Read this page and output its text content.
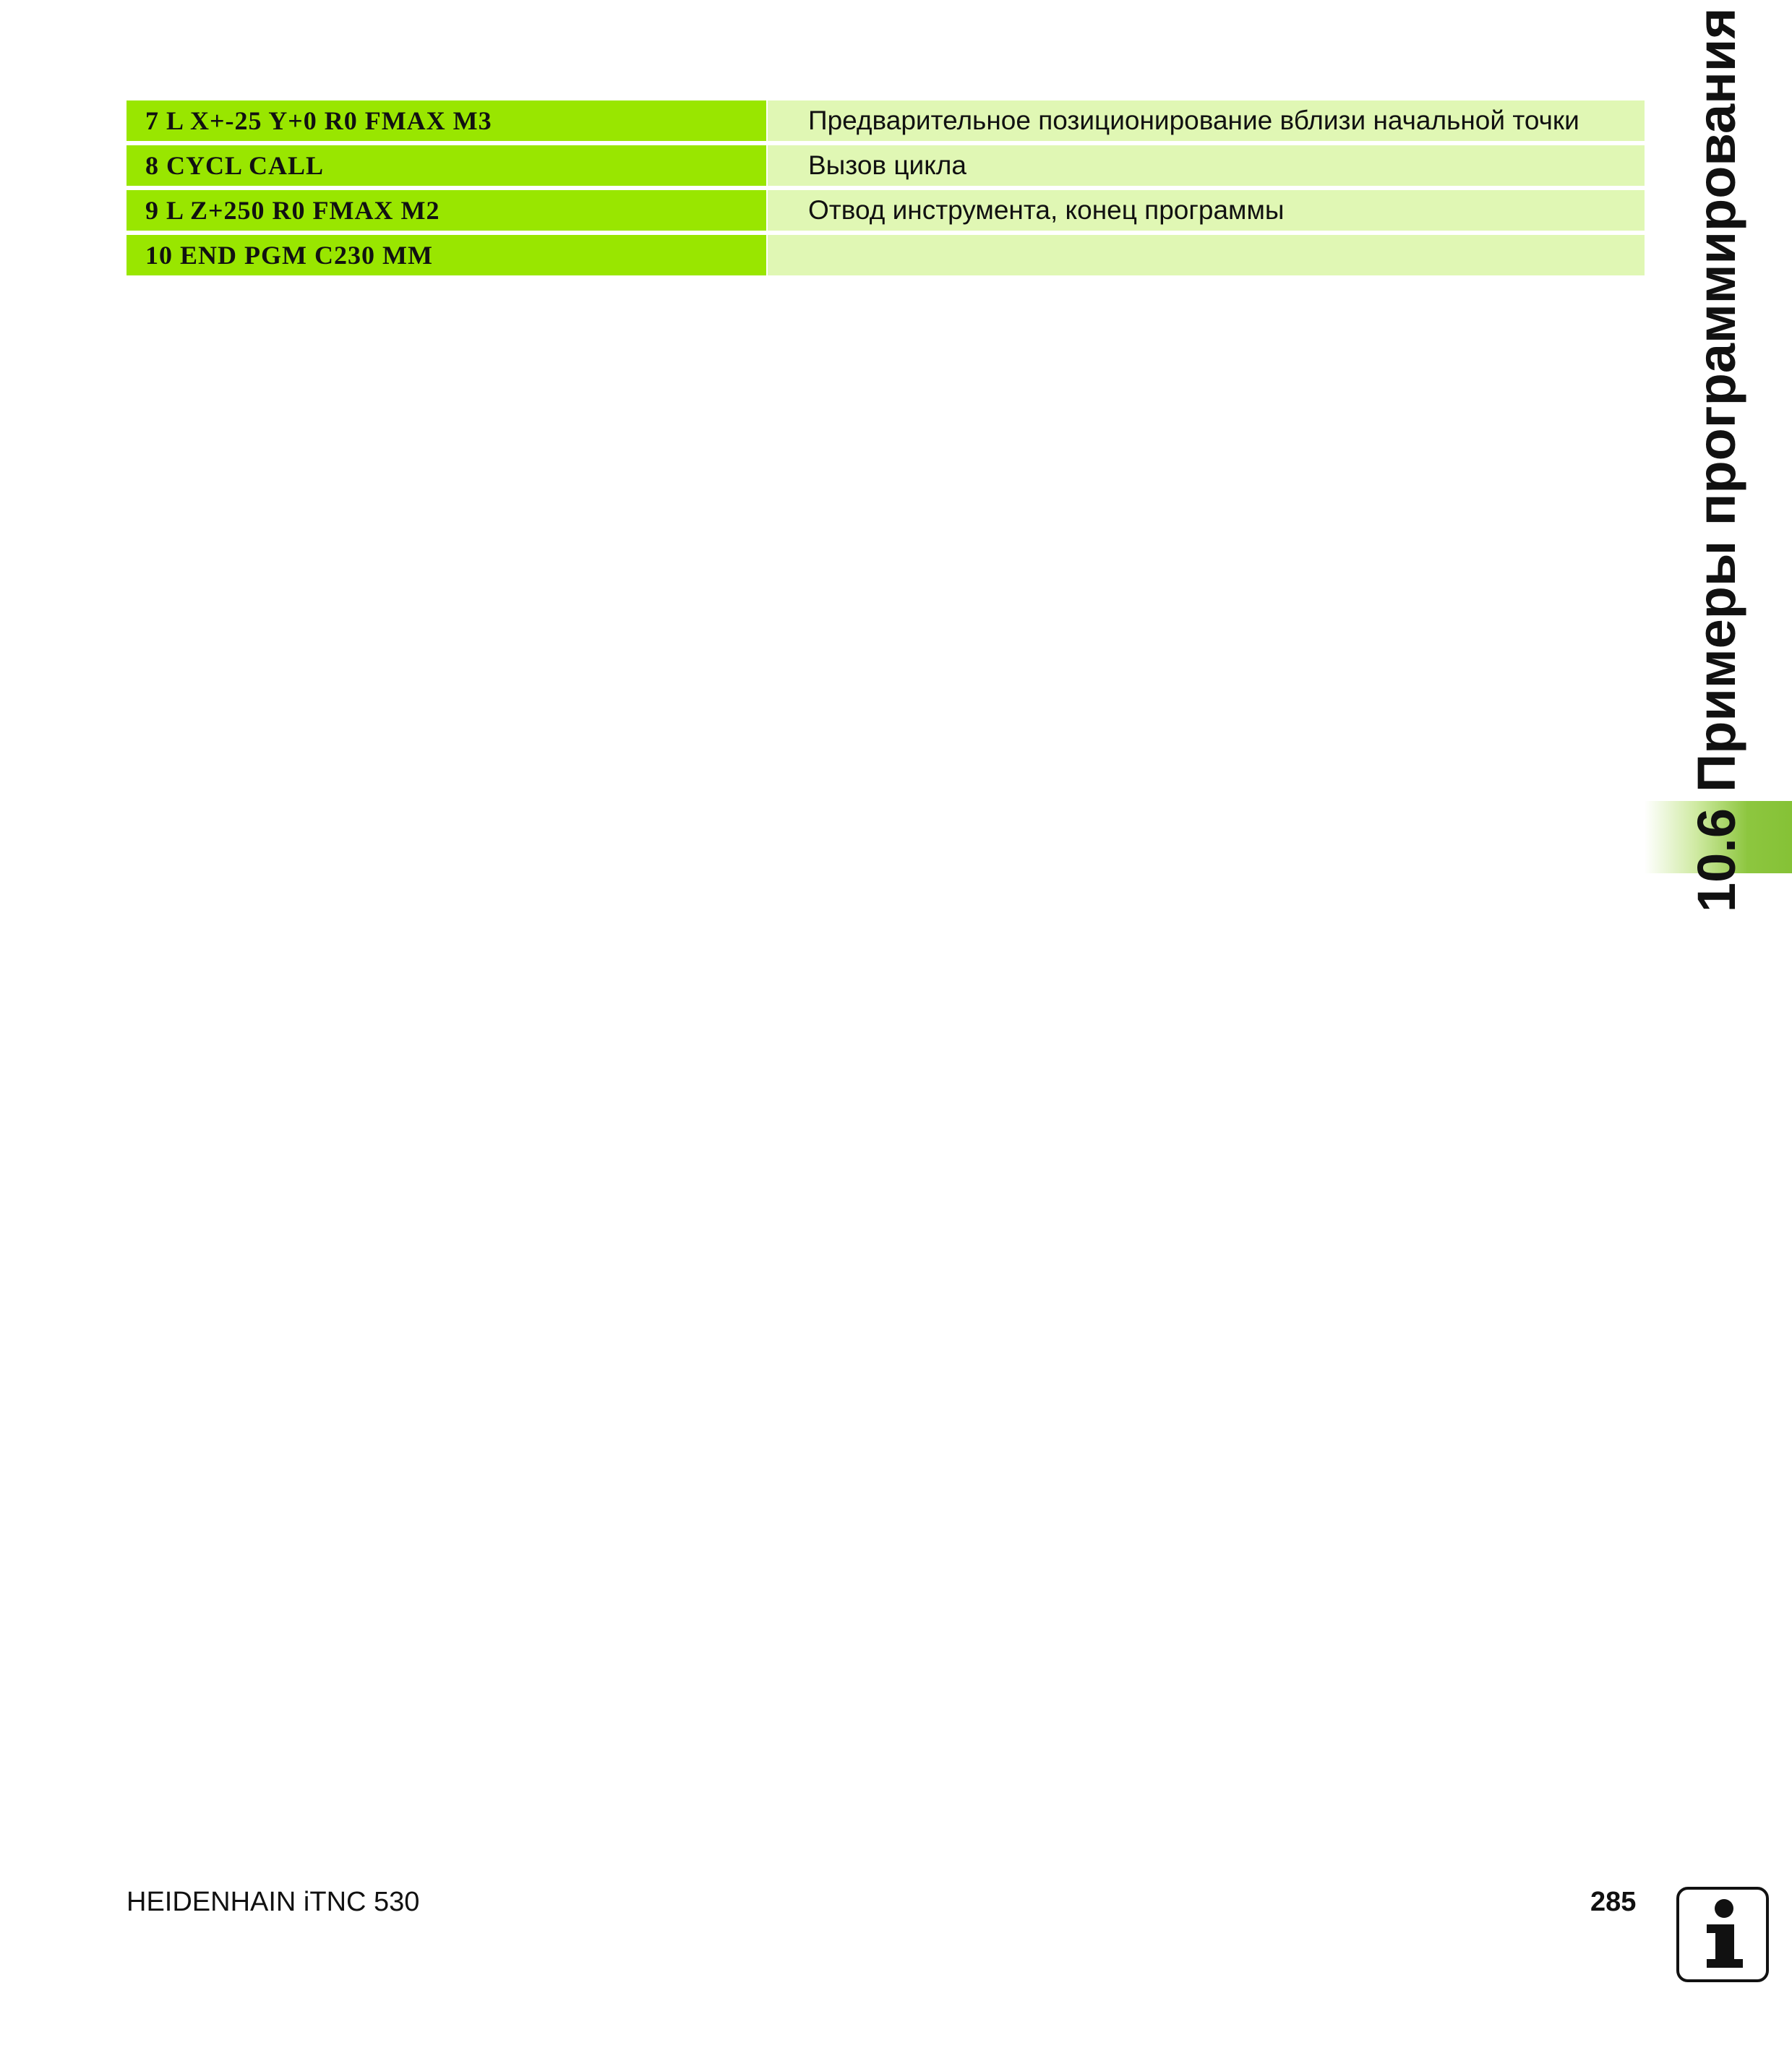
7 L X+-25 Y+0 R0 FMAX M3	Предварительное позиционирование вблизи начальной точки
8 CYCL CALL	Вызов цикла
9 L Z+250 R0 FMAX M2	Отвод инструмента, конец программы
10 END PGM C230 MM
10.6Примеры программирования
HEIDENHAIN iTNC 530	285
